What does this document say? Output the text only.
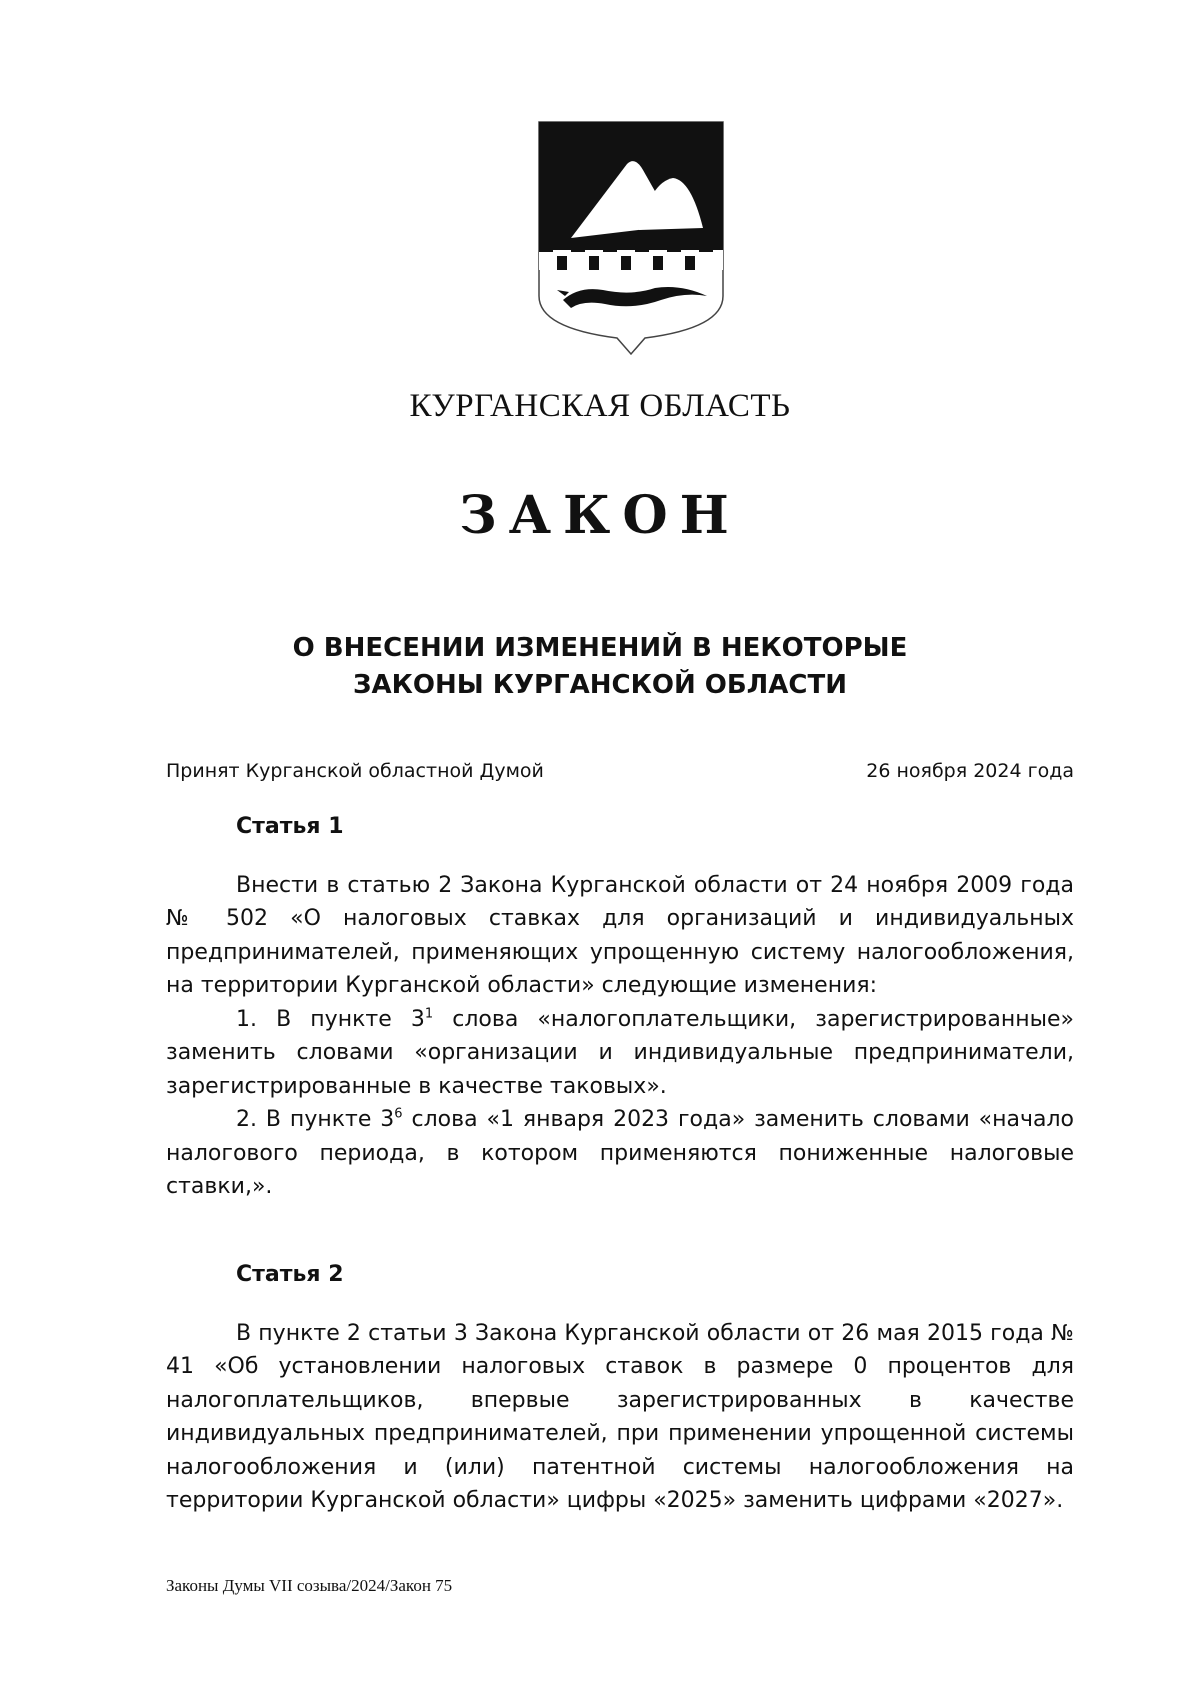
КУРГАНСКАЯ ОБЛАСТЬ
ЗАКОН
О ВНЕСЕНИИ ИЗМЕНЕНИЙ В НЕКОТОРЫЕ
ЗАКОНЫ КУРГАНСКОЙ ОБЛАСТИ
Принят Курганской областной Думой	26 ноября 2024 года
Статья 1

Внести в статью 2 Закона Курганской области от 24 ноября 2009 года № 502 «О налоговых ставках для организаций и индивидуальных предпринимателей, применяющих упрощенную систему налогообложения, на территории Курганской области» следующие изменения:

1. В пункте $3^1$ слова «налогоплательщики, зарегистрированные» заменить словами «организации и индивидуальные предприниматели, зарегистрированные в качестве таковых».

2. В пункте $3^6$ слова «1 января 2023 года» заменить словами «начало налогового периода, в котором применяются пониженные налоговые ставки,».

Статья 2

В пункте 2 статьи 3 Закона Курганской области от 26 мая 2015 года № 41 «Об установлении налоговых ставок в размере 0 процентов для налогоплательщиков, впервые зарегистрированных в качестве индивидуальных предпринимателей, при применении упрощенной системы налогообложения и (или) патентной системы налогообложения на территории Курганской области» цифры «2025» заменить цифрами «2027».

Законы Думы VII созыва/2024/Закон 75
